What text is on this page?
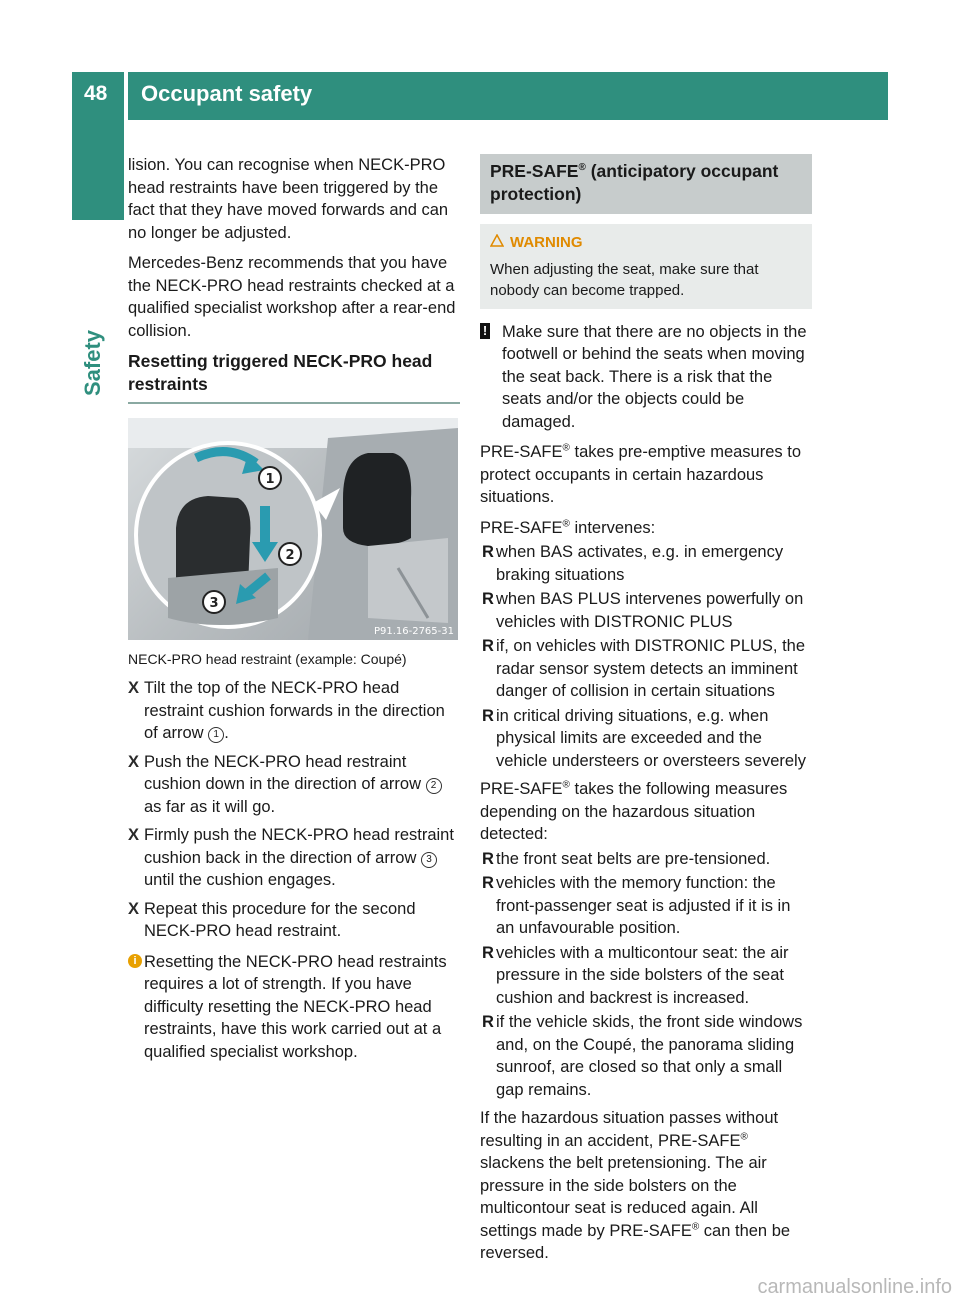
48 Occupant safety
Safety

lision. You can recognise when NECK-PRO head restraints have been triggered by the fact that they have moved forwards and can no longer be adjusted.

Mercedes-Benz recommends that you have the NECK-PRO head restraints checked at a qualified specialist workshop after a rear-end collision.

Resetting triggered NECK-PRO head restraints
1
2
3
P91.16-2765-31
NECK-PRO head restraint (example: Coupé)
X Tilt the top of the NECK-PRO head restraint cushion forwards in the direction of arrow 1 .
X Push the NECK-PRO head restraint cushion down in the direction of arrow 2 as far as it will go.
X Firmly push the NECK-PRO head restraint cushion back in the direction of arrow 3 until the cushion engages.
X Repeat this procedure for the second NECK-PRO head restraint.
i Resetting the NECK-PRO head restraints requires a lot of strength. If you have difficulty resetting the NECK-PRO head restraints, have this work carried out at a qualified specialist workshop.
PRE-SAFE® (anticipatory occupant protection)
WARNING
When adjusting the seat, make sure that nobody can become trapped.
! Make sure that there are no objects in the footwell or behind the seats when moving the seat back. There is a risk that the seats and/or the objects could be damaged.

PRE-SAFE® takes pre-emptive measures to protect occupants in certain hazardous situations.

PRE-SAFE® intervenes:

R when BAS activates, e.g. in emergency braking situations
R when BAS PLUS intervenes powerfully on vehicles with DISTRONIC PLUS
R if, on vehicles with DISTRONIC PLUS, the radar sensor system detects an imminent danger of collision in certain situations
R in critical driving situations, e.g. when physical limits are exceeded and the vehicle understeers or oversteers severely

PRE-SAFE® takes the following measures depending on the hazardous situation detected:

R the front seat belts are pre-tensioned.
R vehicles with the memory function: the front-passenger seat is adjusted if it is in an unfavourable position.
R vehicles with a multicontour seat: the air pressure in the side bolsters of the seat cushion and backrest is increased.
R if the vehicle skids, the front side windows and, on the Coupé, the panorama sliding sunroof, are closed so that only a small gap remains.

If the hazardous situation passes without resulting in an accident, PRE-SAFE® slackens the belt pretensioning. The air pressure in the side bolsters on the multicontour seat is reduced again. All settings made by PRE-SAFE® can then be reversed.

carmanualsonline.info
